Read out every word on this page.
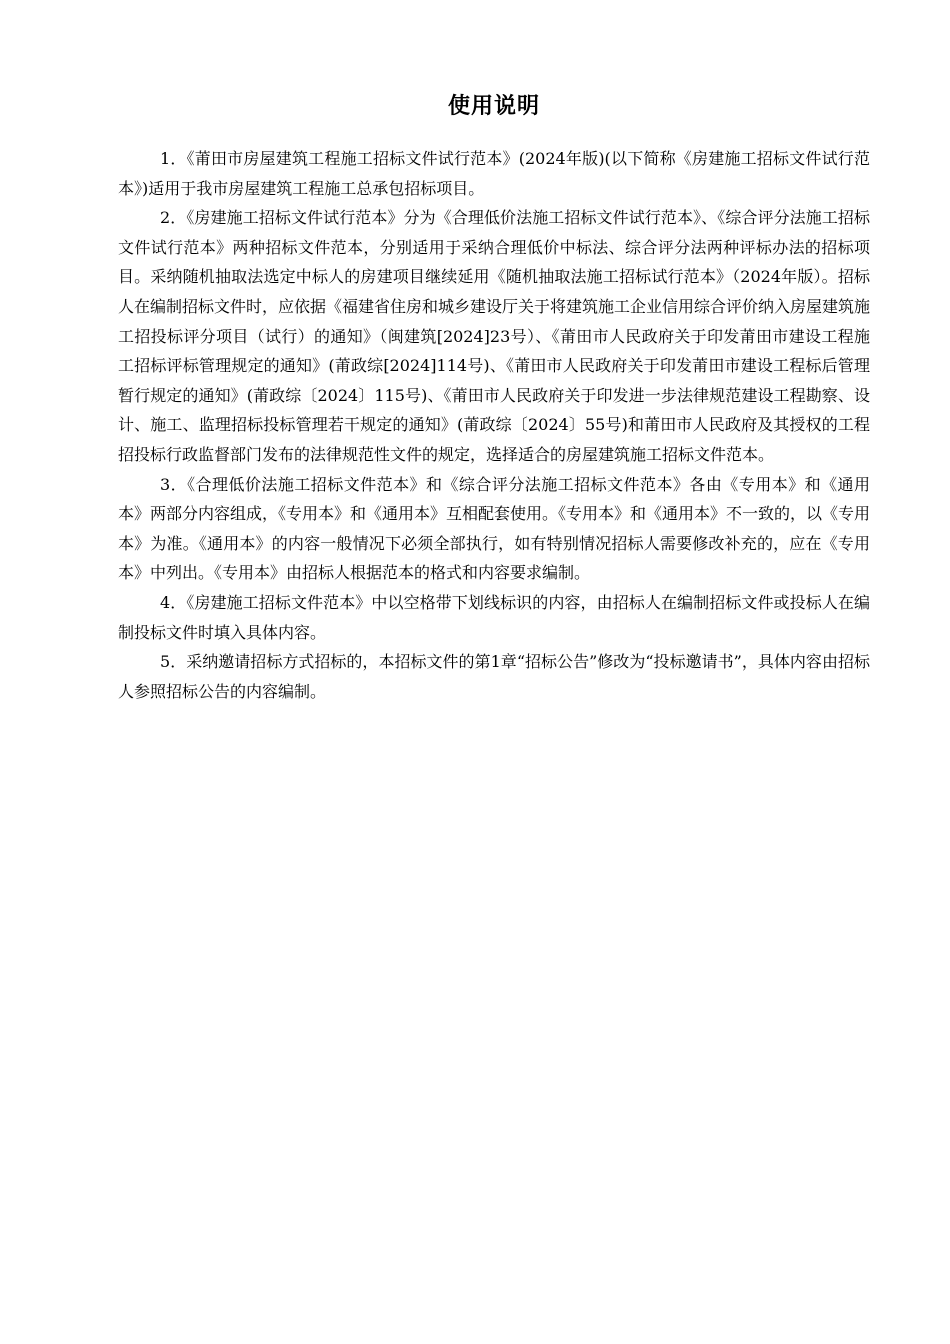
使用说明

1．《莆田市房屋建筑工程施工招标文件试行范本》(2024年版)(以下简称《房建施工招标文件试行范本》)适用于我市房屋建筑工程施工总承包招标项目。

2．《房建施工招标文件试行范本》分为《合理低价法施工招标文件试行范本》、《综合评分法施工招标文件试行范本》两种招标文件范本，分别适用于采纳合理低价中标法、综合评分法两种评标办法的招标项目。采纳随机抽取法选定中标人的房建项目继续延用《随机抽取法施工招标试行范本》（2024年版）。招标人在编制招标文件时，应依据《福建省住房和城乡建设厅关于将建筑施工企业信用综合评价纳入房屋建筑施工招投标评分项目（试行）的通知》（闽建筑[2024]23号）、《莆田市人民政府关于印发莆田市建设工程施工招标评标管理规定的通知》(莆政综[2024]114号)、《莆田市人民政府关于印发莆田市建设工程标后管理暂行规定的通知》(莆政综〔2024〕115号)、《莆田市人民政府关于印发进一步法律规范建设工程勘察、设计、施工、监理招标投标管理若干规定的通知》(莆政综〔2024〕55号)和莆田市人民政府及其授权的工程招投标行政监督部门发布的法律规范性文件的规定，选择适合的房屋建筑施工招标文件范本。

3．《合理低价法施工招标文件范本》和《综合评分法施工招标文件范本》各由《专用本》和《通用本》两部分内容组成，《专用本》和《通用本》互相配套使用。《专用本》和《通用本》不一致的，以《专用本》为准。《通用本》的内容一般情况下必须全部执行，如有特别情况招标人需要修改补充的，应在《专用本》中列出。《专用本》由招标人根据范本的格式和内容要求编制。

4．《房建施工招标文件范本》中以空格带下划线标识的内容，由招标人在编制招标文件或投标人在编制投标文件时填入具体内容。

5．采纳邀请招标方式招标的，本招标文件的第1章“招标公告”修改为“投标邀请书”，具体内容由招标人参照招标公告的内容编制。
